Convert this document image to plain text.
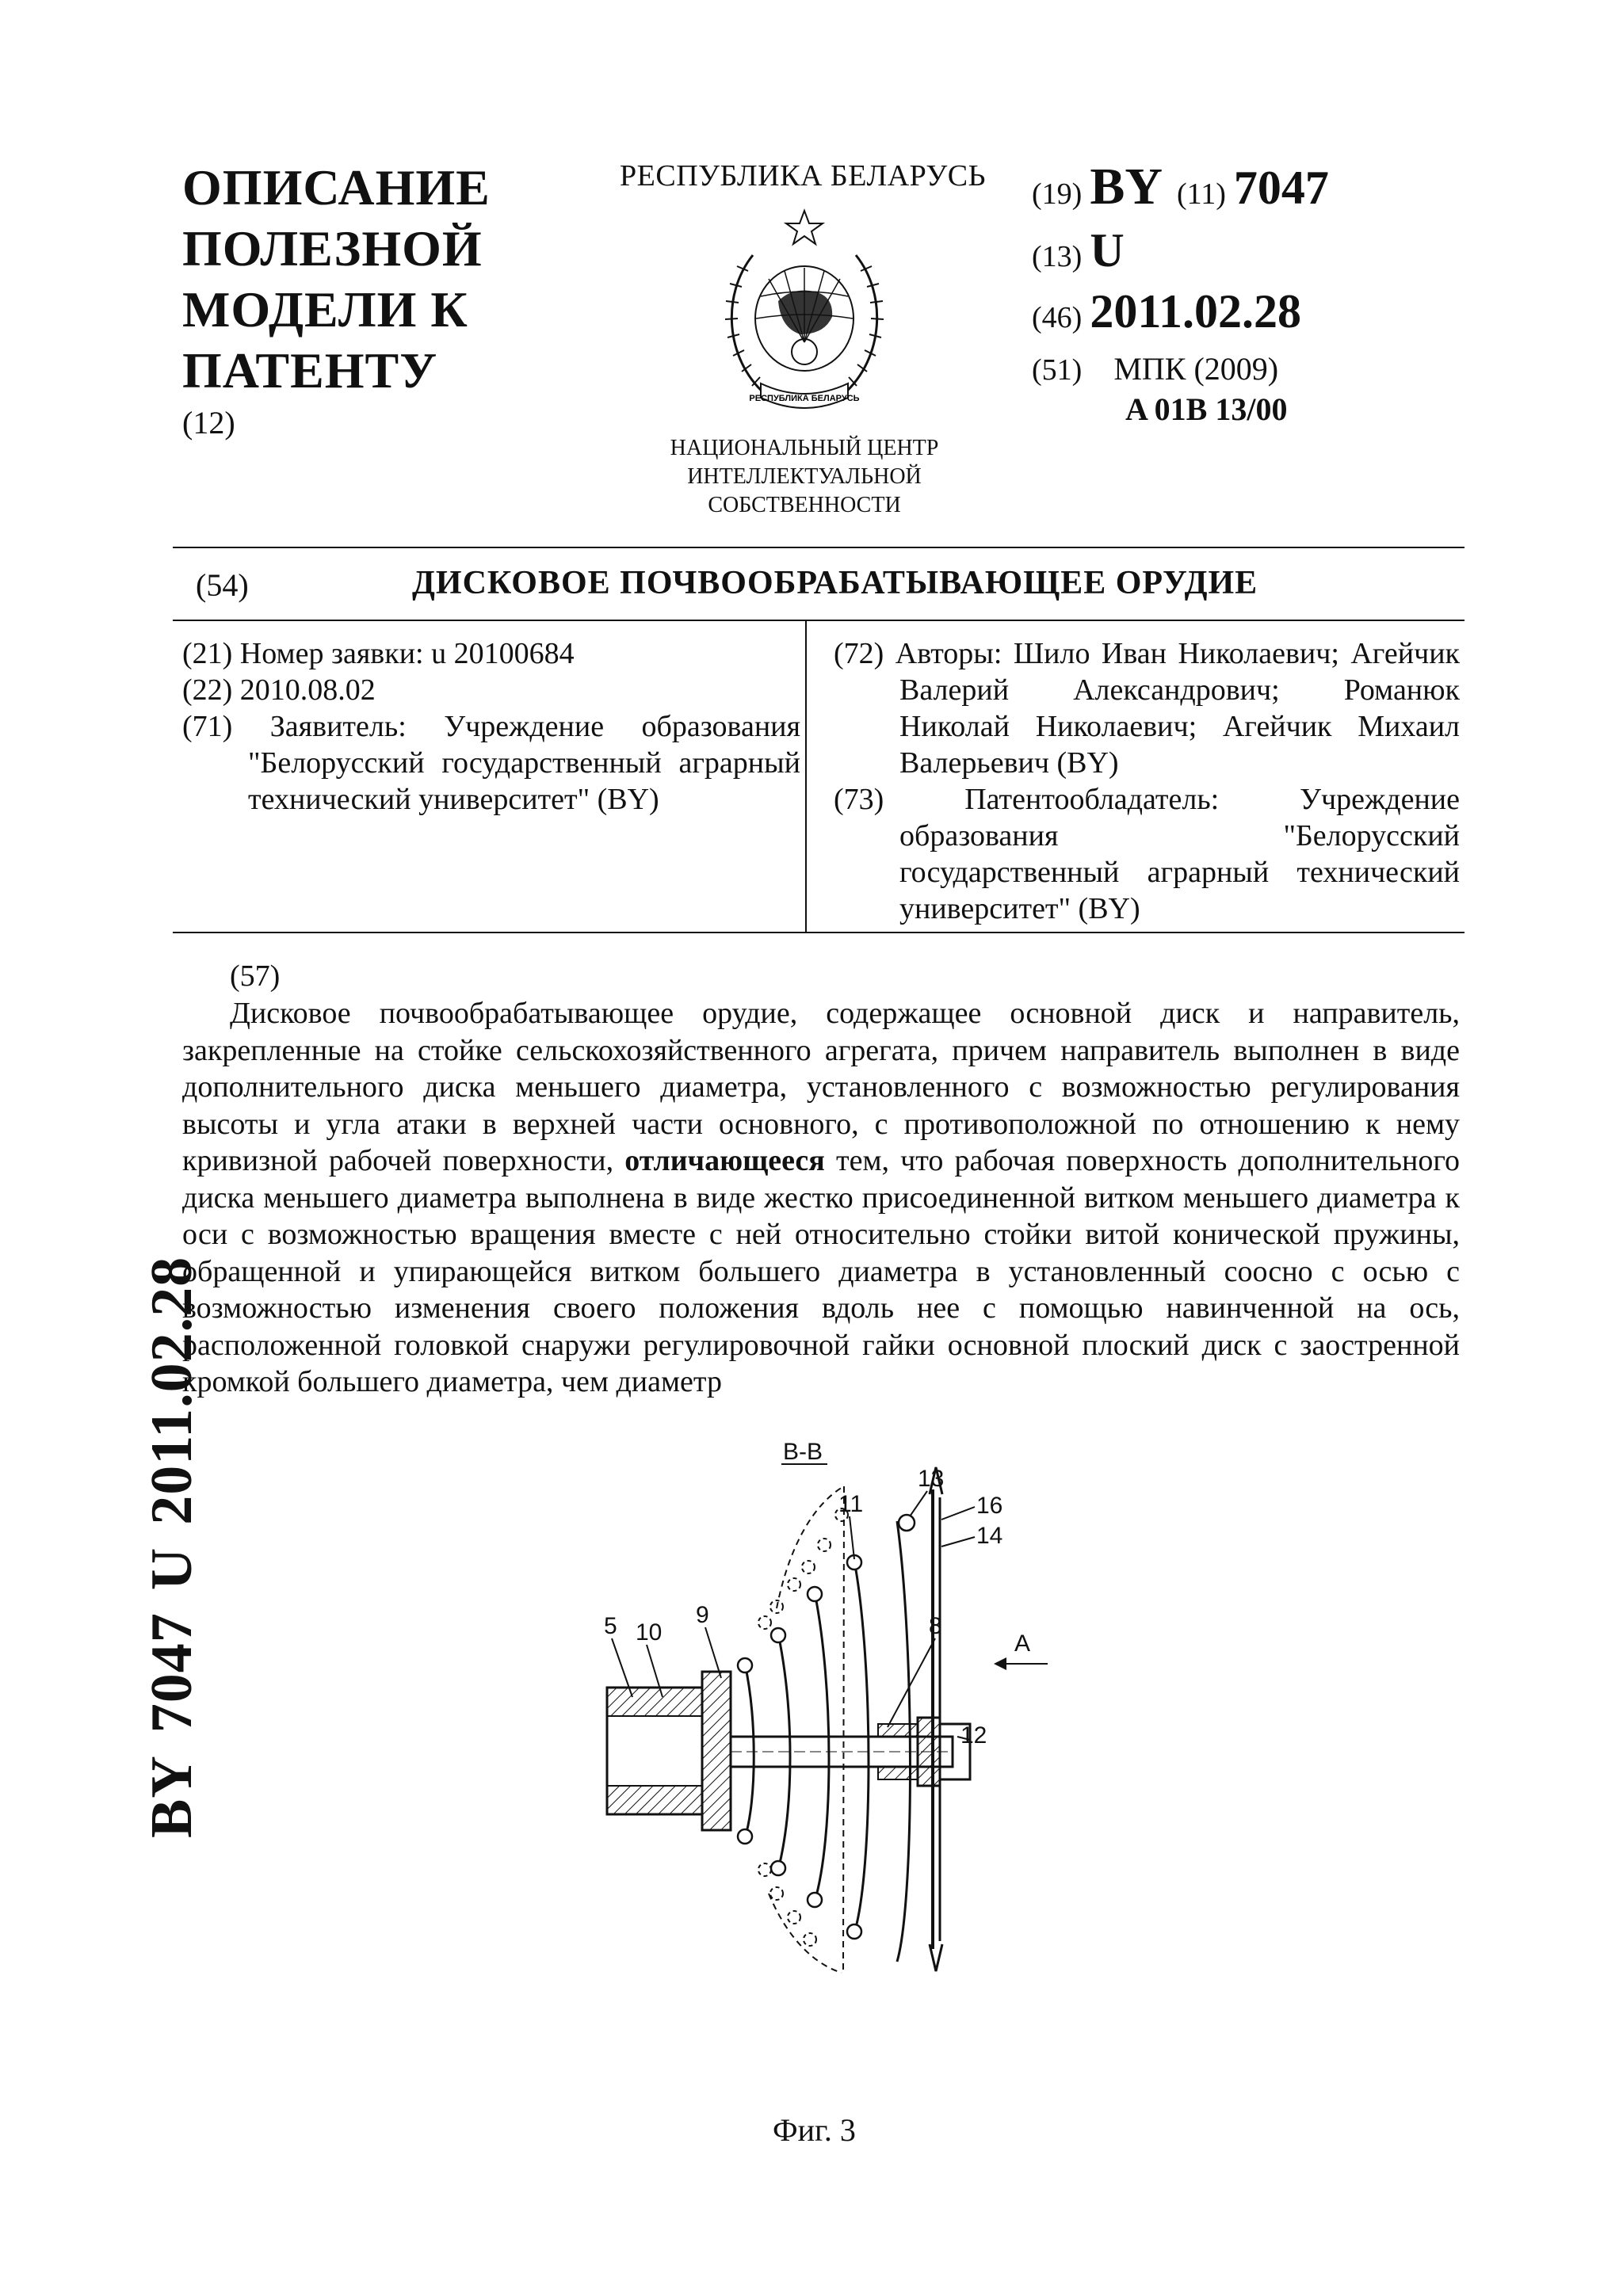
ОПИСАНИЕ
ПОЛЕЗНОЙ
МОДЕЛИ К
ПАТЕНТУ
(12)
РЕСПУБЛИКА БЕЛАРУСЬ
РЕСПУБЛИКА БЕЛАРУСЬ
НАЦИОНАЛЬНЫЙ ЦЕНТР
ИНТЕЛЛЕКТУАЛЬНОЙ
СОБСТВЕННОСТИ
(19) BY (11) 7047
(13) U
(46) 2011.02.28
(51) МПК (2009)
A 01B 13/00
(54)	ДИСКОВОЕ ПОЧВООБРАБАТЫВАЮЩЕЕ ОРУДИЕ
(21) Номер заявки: u 20100684
(22) 2010.08.02
(71) Заявитель: Учреждение образования "Белорусский государственный аграрный технический университет" (BY)
(72) Авторы: Шило Иван Николаевич; Агейчик Валерий Александрович; Романюк Николай Николаевич; Агейчик Михаил Валерьевич (BY)
(73) Патентообладатель: Учреждение образования "Белорусский государственный аграрный технический университет" (BY)
(57)
Дисковое почвообрабатывающее орудие, содержащее основной диск и направитель, закрепленные на стойке сельскохозяйственного агрегата, причем направитель выполнен в виде дополнительного диска меньшего диаметра, установленного с возможностью регулирования высоты и угла атаки в верхней части основного, с противоположной по отношению к нему кривизной рабочей поверхности, отличающееся тем, что рабочая поверхность дополнительного диска меньшего диаметра выполнена в виде жестко присоединенной витком меньшего диаметра к оси с возможностью вращения вместе с ней относительно стойки витой конической пружины, обращенной и упирающейся витком большего диаметра в установленный соосно с осью с возможностью изменения своего положения вдоль нее с помощью навинченной на ось, расположенной головкой снаружи регулировочной гайки основной плоский диск с заостренной кромкой большего диаметра, чем диаметр
B-B
5 10
9
11
13
16
14
8
A
12
Фиг. 3
BY7047U2011.02.28
